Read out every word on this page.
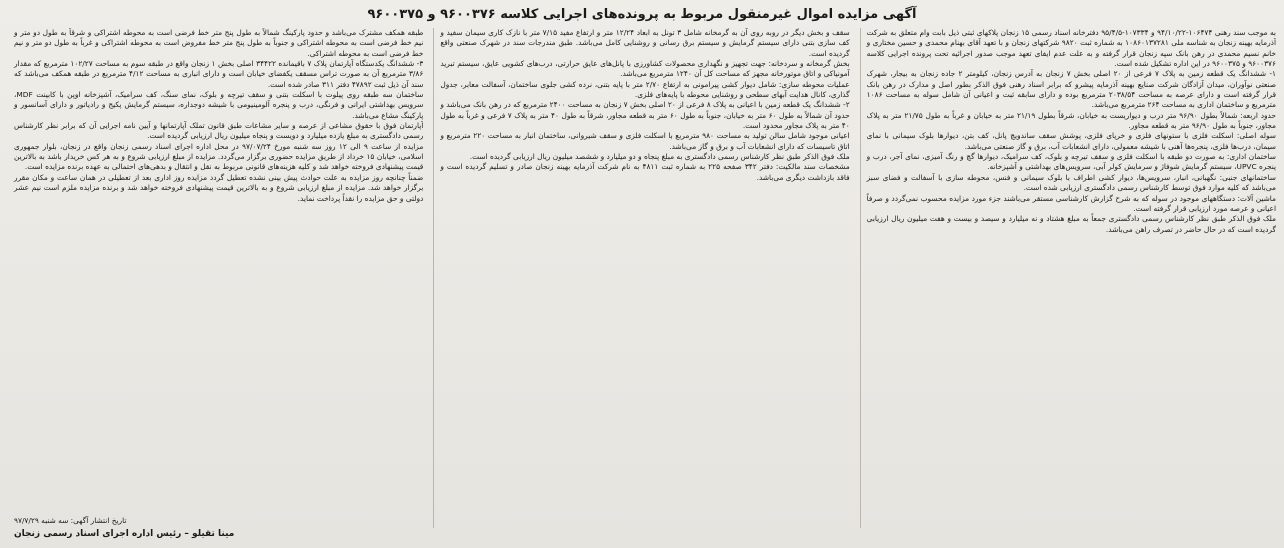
آگهی مزایده اموال غیرمنقول مربوط به پرونده‌های اجرایی کلاسه ۹۶۰۰۳۷۶ و ۹۶۰۰۳۷۵

به موجب سند رهنی ۱۰۶۴۷۴-۹۴/۱۰/۲۲ و ۱۰۷۳۳۴-۹۵/۴/۵ دفترخانه اسناد رسمی ۱۵ زنجان پلاکهای ثبتی ذیل بابت وام متعلق به شرکت آذرمایه بهینه زنجان به شناسه ملی ۱۰۸۶۰۱۳۷۲۸۱ به شماره ثبت ۹۸۲۰ شرکتهای زنجان و با تعهد آقای بهنام محمدی و حسین مختاری و خانم نسیم محمدی در رهن بانک سپه زنجان قرار گرفته و به علت عدم ایفای تعهد موجب صدور اجرائیه تحت پرونده اجرایی کلاسه ۹۶۰۰۳۷۶ و ۹۶۰۰۳۷۵ در این اداره تشکیل شده است.

۱- ششدانگ یک قطعه زمین به پلاک ۷ فرعی از ۲۰ اصلی بخش ۷ زنجان به آدرس زنجان، کیلومتر ۲ جاده زنجان به بیجار، شهرک صنعتی نوآوران، میدان آزادگان شرکت صنایع بهینه آذرمایه پیشرو که برابر اسناد رهنی فوق الذکر بطور اصل و مدارک در رهن بانک قرار گرفته است و دارای عرصه به مساحت ۲۰۳۸/۵۴ مترمربع بوده و دارای سابقه ثبت و اعیانی آن شامل سوله به مساحت ۱۰۸۶ مترمربع و ساختمان اداری به مساحت ۲۶۴ مترمربع می‌باشد.

حدود اربعه: شمالاً بطول ۹۶/۹۰ متر درب و دیواریست به خیابان، شرقاً بطول ۲۱/۱۹ متر به خیابان و غرباً به طول ۲۱/۷۵ متر به پلاک مجاور، جنوباً به طول ۹۶/۹۰ متر به قطعه مجاور.

سوله اصلی: اسکلت فلزی با ستونهای فلزی و خرپای فلزی، پوشش سقف ساندویچ پانل، کف بتن، دیوارها بلوک سیمانی با نمای سیمان، درب‌ها فلزی، پنجره‌ها آهنی با شیشه معمولی، دارای انشعابات آب، برق و گاز صنعتی می‌باشد.

ساختمان اداری: به صورت دو طبقه با اسکلت فلزی و سقف تیرچه و بلوک، کف سرامیک، دیوارها گچ و رنگ آمیزی، نمای آجر، درب و پنجره UPVC، سیستم گرمایش شوفاژ و سرمایش کولر آبی، سرویس‌های بهداشتی و آشپزخانه.

ساختمانهای جنبی: نگهبانی، انبار، سرویس‌ها، دیوار کشی اطراف با بلوک سیمانی و فنس، محوطه سازی با آسفالت و فضای سبز می‌باشد که کلیه موارد فوق توسط کارشناس رسمی دادگستری ارزیابی شده است.

ماشین آلات: دستگاههای موجود در سوله که به شرح گزارش کارشناسی مستقر می‌باشند جزء مورد مزایده محسوب نمی‌گردد و صرفاً اعیانی و عرصه مورد ارزیابی قرار گرفته است.

ملک فوق الذکر طبق نظر کارشناس رسمی دادگستری جمعاً به مبلغ هشتاد و نه میلیارد و سیصد و بیست و هفت میلیون ریال ارزیابی گردیده است که در حال حاضر در تصرف راهن می‌باشد.

سقف و بخش دیگر در روبه روی آن به گرمخانه شامل ۳ تونل به ابعاد ۱۲/۲۴ متر و ارتفاع مفید ۷/۱۵ متر با نازک کاری سیمان سفید و کف سازی بتنی دارای سیستم گرمایش و سیستم برق رسانی و روشنایی کامل می‌باشد. طبق مندرجات سند در شهرک صنعتی واقع گردیده است.

بخش گرمخانه و سردخانه: جهت تجهیز و نگهداری محصولات کشاورزی با پانل‌های عایق حرارتی، درب‌های کشویی عایق، سیستم تبرید آمونیاکی و اتاق موتورخانه مجهز که مساحت کل آن ۱۲۴۰ مترمربع می‌باشد.

عملیات محوطه سازی: شامل دیوار کشی پیرامونی به ارتفاع ۲/۷۰ متر با پایه بتنی، نرده کشی جلوی ساختمان، آسفالت معابر، جدول گذاری، کانال هدایت آبهای سطحی و روشنایی محوطه با پایه‌های فلزی.

۲- ششدانگ یک قطعه زمین با اعیانی به پلاک ۸ فرعی از ۲۰ اصلی بخش ۷ زنجان به مساحت ۲۴۰۰ مترمربع که در رهن بانک می‌باشد و حدود آن شمالاً به طول ۶۰ متر به خیابان، جنوباً به طول ۶۰ متر به قطعه مجاور، شرقاً به طول ۴۰ متر به پلاک ۷ فرعی و غرباً به طول ۴۰ متر به پلاک مجاور محدود است.

اعیانی موجود شامل سالن تولید به مساحت ۹۸۰ مترمربع با اسکلت فلزی و سقف شیروانی، ساختمان انبار به مساحت ۲۲۰ مترمربع و اتاق تاسیسات که دارای انشعابات آب و برق و گاز می‌باشد.

ملک فوق الذکر طبق نظر کارشناس رسمی دادگستری به مبلغ پنجاه و دو میلیارد و ششصد میلیون ریال ارزیابی گردیده است.

مشخصات سند مالکیت: دفتر ۳۴۲ صفحه ۲۲۵ به شماره ثبت ۴۸۱۱ به نام شرکت آذرمایه بهینه زنجان صادر و تسلیم گردیده است و فاقد بازداشت دیگری می‌باشد.

طبقه همکف مشترک می‌باشد و حدود پارکینگ شمالاً به طول پنج متر خط فرضی است به محوطه اشتراکی و شرقاً به طول دو متر و نیم خط فرضی است به محوطه اشتراکی و جنوباً به طول پنج متر خط مفروض است به محوطه اشتراکی و غرباً به طول دو متر و نیم خط فرضی است به محوطه اشتراکی.

۳- ششدانگ یکدستگاه آپارتمان پلاک ۷ باقیمانده ۳۴۴۲۲ اصلی بخش ۱ زنجان واقع در طبقه سوم به مساحت ۱۰۲/۲۷ مترمربع که مقدار ۳/۸۶ مترمربع آن به صورت تراس مسقف یکفضای خیابان است و دارای انباری به مساحت ۴/۱۲ مترمربع در طبقه همکف می‌باشد که سند آن ذیل ثبت ۴۷۸۹۲ دفتر ۳۱۱ صادر شده است.

ساختمان سه طبقه روی پیلوت با اسکلت بتنی و سقف تیرچه و بلوک، نمای سنگ، کف سرامیک، آشپزخانه اوپن با کابینت MDF، سرویس بهداشتی ایرانی و فرنگی، درب و پنجره آلومینیومی با شیشه دوجداره، سیستم گرمایش پکیج و رادیاتور و دارای آسانسور و پارکینگ مشاع می‌باشد.

آپارتمان فوق با حقوق مشاعی از عرصه و سایر مشاعات طبق قانون تملک آپارتمانها و آیین نامه اجرایی آن که برابر نظر کارشناس رسمی دادگستری به مبلغ یازده میلیارد و دویست و پنجاه میلیون ریال ارزیابی گردیده است.

مزایده از ساعت ۹ الی ۱۲ روز سه شنبه مورخ ۹۷/۰۷/۲۴ در محل اداره اجرای اسناد رسمی زنجان واقع در زنجان، بلوار جمهوری اسلامی، خیابان ۱۵ خرداد از طریق مزایده حضوری برگزار می‌گردد. مزایده از مبلغ ارزیابی شروع و به هر کس خریدار باشد به بالاترین قیمت پیشنهادی فروخته خواهد شد و کلیه هزینه‌های قانونی مربوط به نقل و انتقال و بدهی‌های احتمالی به عهده برنده مزایده است.

ضمناً چنانچه روز مزایده به علت حوادث پیش بینی نشده تعطیل گردد مزایده روز اداری بعد از تعطیلی در همان ساعت و مکان مقرر برگزار خواهد شد. مزایده از مبلغ ارزیابی شروع و به بالاترین قیمت پیشنهادی فروخته خواهد شد و برنده مزایده ملزم است نیم عشر دولتی و حق مزایده را نقداً پرداخت نماید.

تاریخ انتشار آگهی: سه شنبه ۹۷/۷/۲۹
مینا تقیلو – رئیس اداره اجرای اسناد رسمی زنجان
